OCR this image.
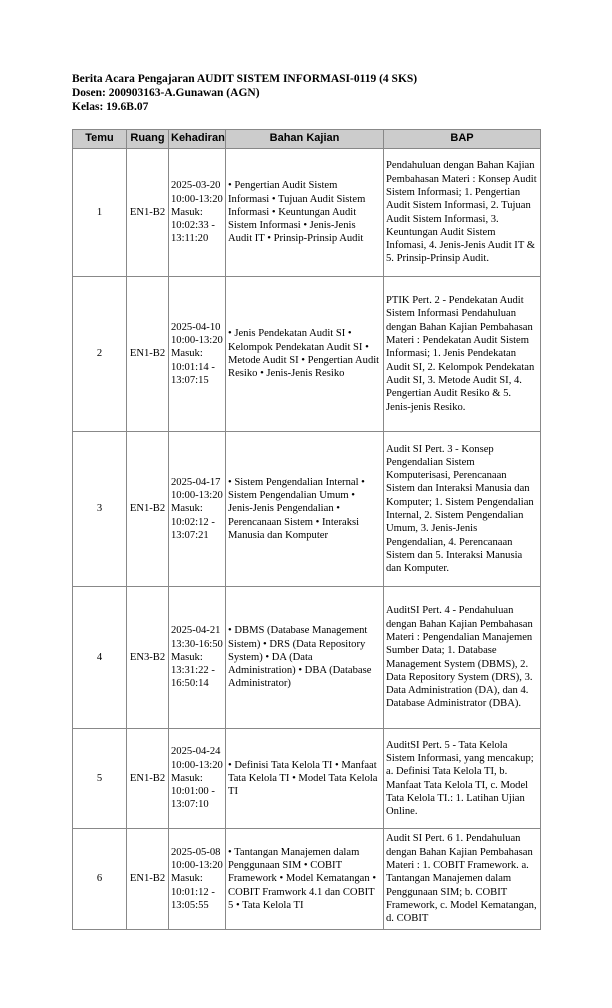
Berita Acara Pengajaran AUDIT SISTEM INFORMASI-0119 (4 SKS)
Dosen: 200903163-A.Gunawan (AGN)
Kelas: 19.6B.07
Temu	Ruang	Kehadiran	Bahan Kajian	BAP
1	EN1-B2	2025-03-20 10:00-13:20 Masuk: 10:02:33 - 13:11:20	• Pengertian Audit Sistem Informasi • Tujuan Audit Sistem Informasi • Keuntungan Audit Sistem Informasi • Jenis-Jenis Audit IT • Prinsip-Prinsip Audit	Pendahuluan dengan Bahan Kajian Pembahasan Materi : Konsep Audit Sistem Informasi; 1. Pengertian Audit Sistem Informasi, 2. Tujuan Audit Sistem Informasi, 3. Keuntungan Audit Sistem Infomasi, 4. Jenis-Jenis Audit IT & 5. Prinsip-Prinsip Audit.
2	EN1-B2	2025-04-10 10:00-13:20 Masuk: 10:01:14 - 13:07:15	• Jenis Pendekatan Audit SI • Kelompok Pendekatan Audit SI • Metode Audit SI • Pengertian Audit Resiko • Jenis-Jenis Resiko	PTIK Pert. 2 - Pendekatan Audit Sistem Informasi Pendahuluan dengan Bahan Kajian Pembahasan Materi : Pendekatan Audit Sistem Informasi; 1. Jenis Pendekatan Audit SI, 2. Kelompok Pendekatan Audit SI, 3. Metode Audit SI, 4. Pengertian Audit Resiko & 5. Jenis-jenis Resiko.
3	EN1-B2	2025-04-17 10:00-13:20 Masuk: 10:02:12 - 13:07:21	• Sistem Pengendalian Internal • Sistem Pengendalian Umum • Jenis-Jenis Pengendalian • Perencanaan Sistem • Interaksi Manusia dan Komputer	Audit SI Pert. 3 - Konsep Pengendalian Sistem Komputerisasi, Perencanaan Sistem dan Interaksi Manusia dan Komputer; 1. Sistem Pengendalian Internal, 2. Sistem Pengendalian Umum, 3. Jenis-Jenis Pengendalian, 4. Perencanaan Sistem dan 5. Interaksi Manusia dan Komputer.
4	EN3-B2	2025-04-21 13:30-16:50 Masuk: 13:31:22 - 16:50:14	• DBMS (Database Management Sistem) • DRS (Data Repository System) • DA (Data Administration) • DBA (Database Administrator)	AuditSI Pert. 4 - Pendahuluan dengan Bahan Kajian Pembahasan Materi : Pengendalian Manajemen Sumber Data; 1. Database Management System (DBMS), 2. Data Repository System (DRS), 3. Data Administration (DA), dan 4. Database Administrator (DBA).
5	EN1-B2	2025-04-24 10:00-13:20 Masuk: 10:01:00 - 13:07:10	• Definisi Tata Kelola TI • Manfaat Tata Kelola TI • Model Tata Kelola TI	AuditSI Pert. 5 - Tata Kelola Sistem Informasi, yang mencakup; a. Definisi Tata Kelola TI, b. Manfaat Tata Kelola TI, c. Model Tata Kelola TI.: 1. Latihan Ujian Online.
6	EN1-B2	2025-05-08 10:00-13:20 Masuk: 10:01:12 - 13:05:55	• Tantangan Manajemen dalam Penggunaan SIM • COBIT Framework • Model Kematangan • COBIT Framwork 4.1 dan COBIT 5 • Tata Kelola TI	Audit SI Pert. 6 1. Pendahuluan dengan Bahan Kajian Pembahasan Materi : 1. COBIT Framework. a. Tantangan Manajemen dalam Penggunaan SIM; b. COBIT Framework, c. Model Kematangan, d. COBIT
